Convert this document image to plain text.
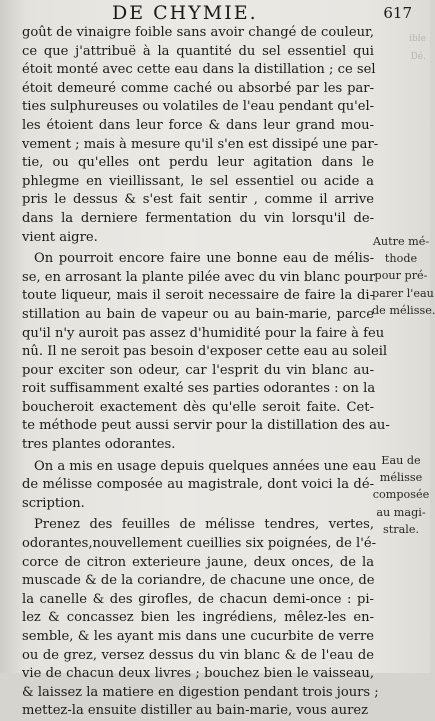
ible
Dé.
DE CHYMIE.	617
goût de vinaigre foible sans avoir changé de couleur,
ce que j'attribuë à la quantité du sel essentiel qui
étoit monté avec cette eau dans la distillation ; ce sel
étoit demeuré comme caché ou absorbé par les par-
ties sulphureuses ou volatiles de l'eau pendant qu'el-
les étoient dans leur force & dans leur grand mou-
vement ; mais à mesure qu'il s'en est dissipé une par-
tie, ou qu'elles ont perdu leur agitation dans le
phlegme en vieillissant, le sel essentiel ou acide a
pris le dessus & s'est fait sentir , comme il arrive
dans la derniere fermentation du vin lorsqu'il de-
vient aigre.
On pourroit encore faire une bonne eau de mélis-
se, en arrosant la plante pilée avec du vin blanc pour
toute liqueur, mais il seroit necessaire de faire la di-
stillation au bain de vapeur ou au bain-marie, parce
qu'il n'y auroit pas assez d'humidité pour la faire à feu
nû. Il ne seroit pas besoin d'exposer cette eau au soleil
pour exciter son odeur, car l'esprit du vin blanc au-
roit suffisamment exalté ses parties odorantes : on la
boucheroit exactement dès qu'elle seroit faite. Cet-
te méthode peut aussi servir pour la distillation des au-
tres plantes odorantes.
On a mis en usage depuis quelques années une eau
de mélisse composée au magistrale, dont voici la dé-
scription.
Prenez des feuilles de mélisse tendres, vertes,
odorantes,nouvellement cueillies six poignées, de l'é-
corce de citron exterieure jaune, deux onces, de la
muscade & de la coriandre, de chacune une once, de
la canelle & des girofles, de chacun demi-once : pi-
lez & concassez bien les ingrédiens, mêlez-les en-
semble, & les ayant mis dans une cucurbite de verre
ou de grez, versez dessus du vin blanc & de l'eau de
vie de chacun deux livres ; bouchez bien le vaisseau,
& laissez la matiere en digestion pendant trois jours ;
mettez-la ensuite distiller au bain-marie, vous aurez
Autre mé-
thode
pour pré-
parer l'eau
de mélisse.
Eau de
mélisse
composée
au magi-
strale.
